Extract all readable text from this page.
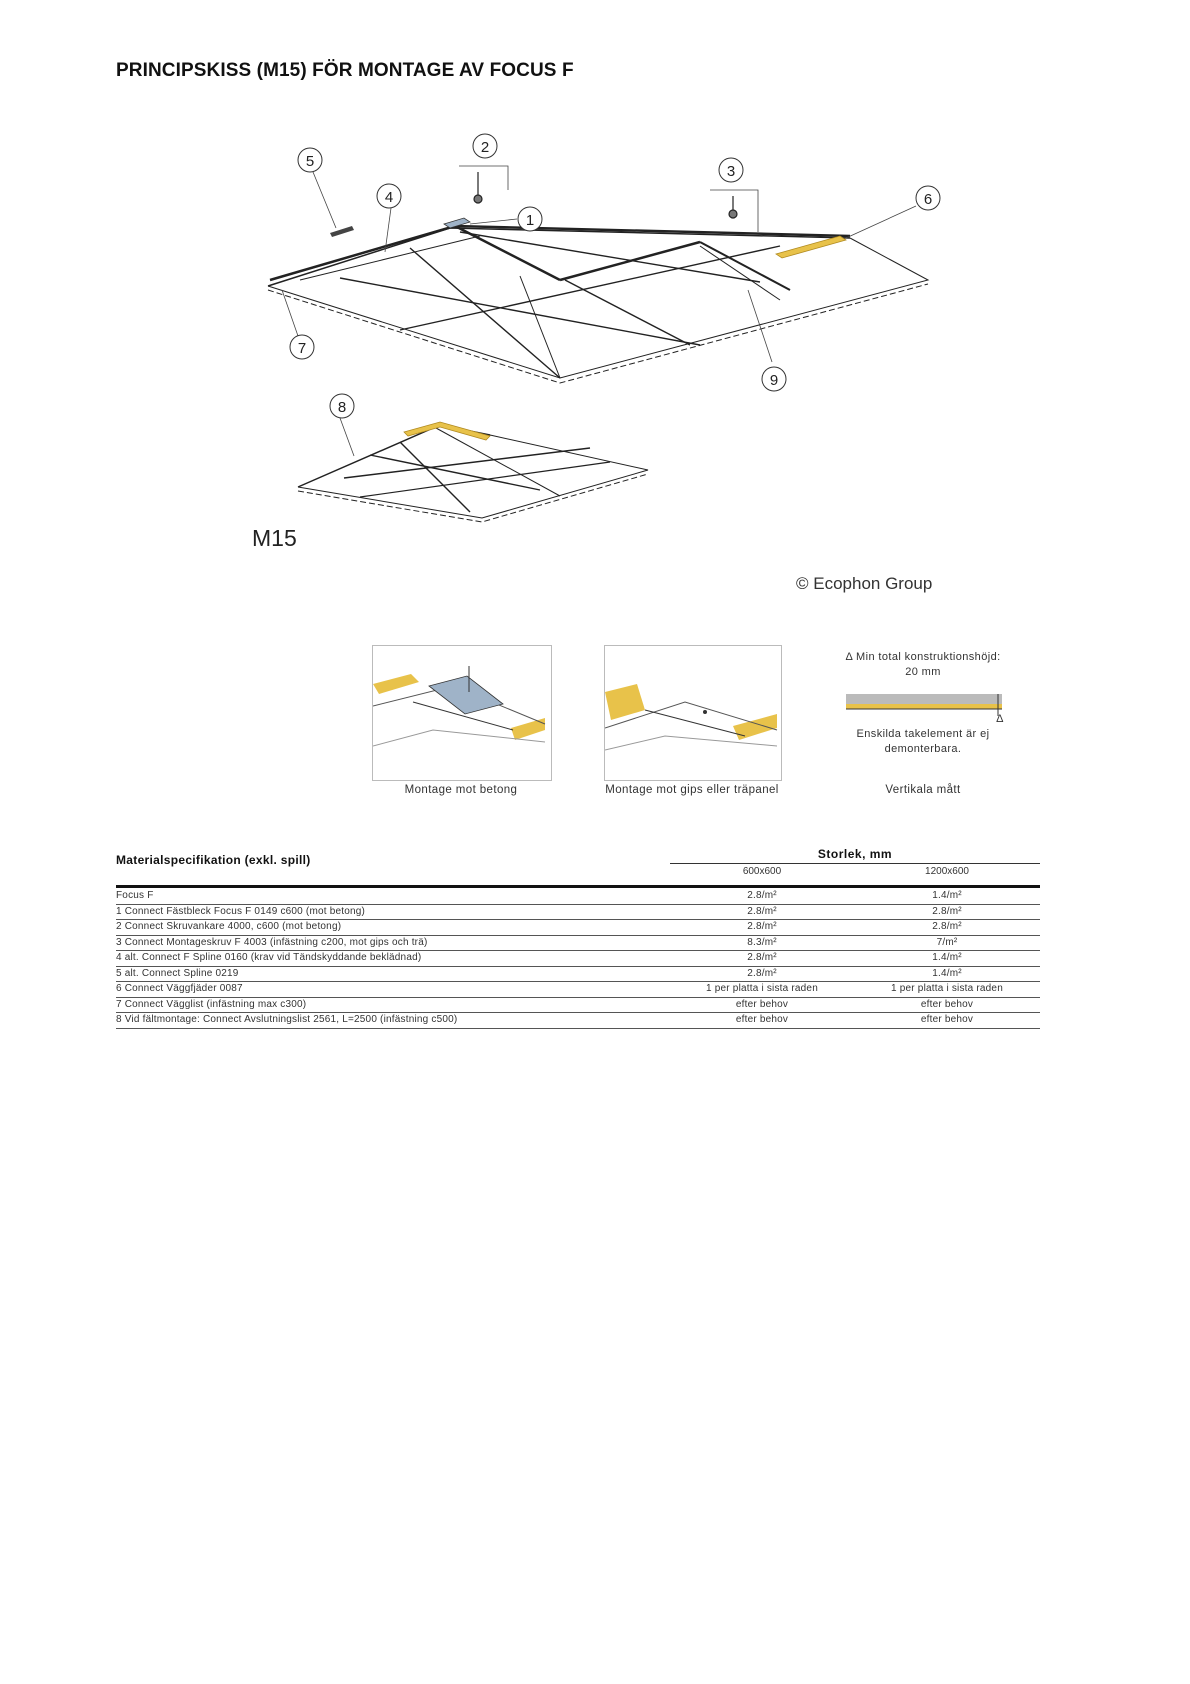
PRINCIPSKISS (M15) FÖR MONTAGE AV FOCUS F
5
4
2
1
3
6
7
9
8
M15
© Ecophon Group
Montage mot betong	Montage mot gips eller träpanel
Δ Min total konstruktionshöjd:
20 mm
Δ
Enskilda takelement är ej
demonterbara.
Vertikala mått
Materialspecifikation (exkl. spill)	Storlek, mm
600x600	1200x600
Focus F	2.8/m²	1.4/m²
1 Connect Fästbleck Focus F 0149 c600 (mot betong)	2.8/m²	2.8/m²
2 Connect Skruvankare 4000, c600 (mot betong)	2.8/m²	2.8/m²
3 Connect Montageskruv F 4003 (infästning c200, mot gips och trä)	8.3/m²	7/m²
4 alt. Connect F Spline 0160 (krav vid Tändskyddande beklädnad)	2.8/m²	1.4/m²
5 alt. Connect Spline 0219	2.8/m²	1.4/m²
6 Connect Väggfjäder 0087	1 per platta i sista raden	1 per platta i sista raden
7 Connect Vägglist (infästning max c300)	efter behov	efter behov
8 Vid fältmontage: Connect Avslutningslist 2561, L=2500 (infästning c500)	efter behov	efter behov
